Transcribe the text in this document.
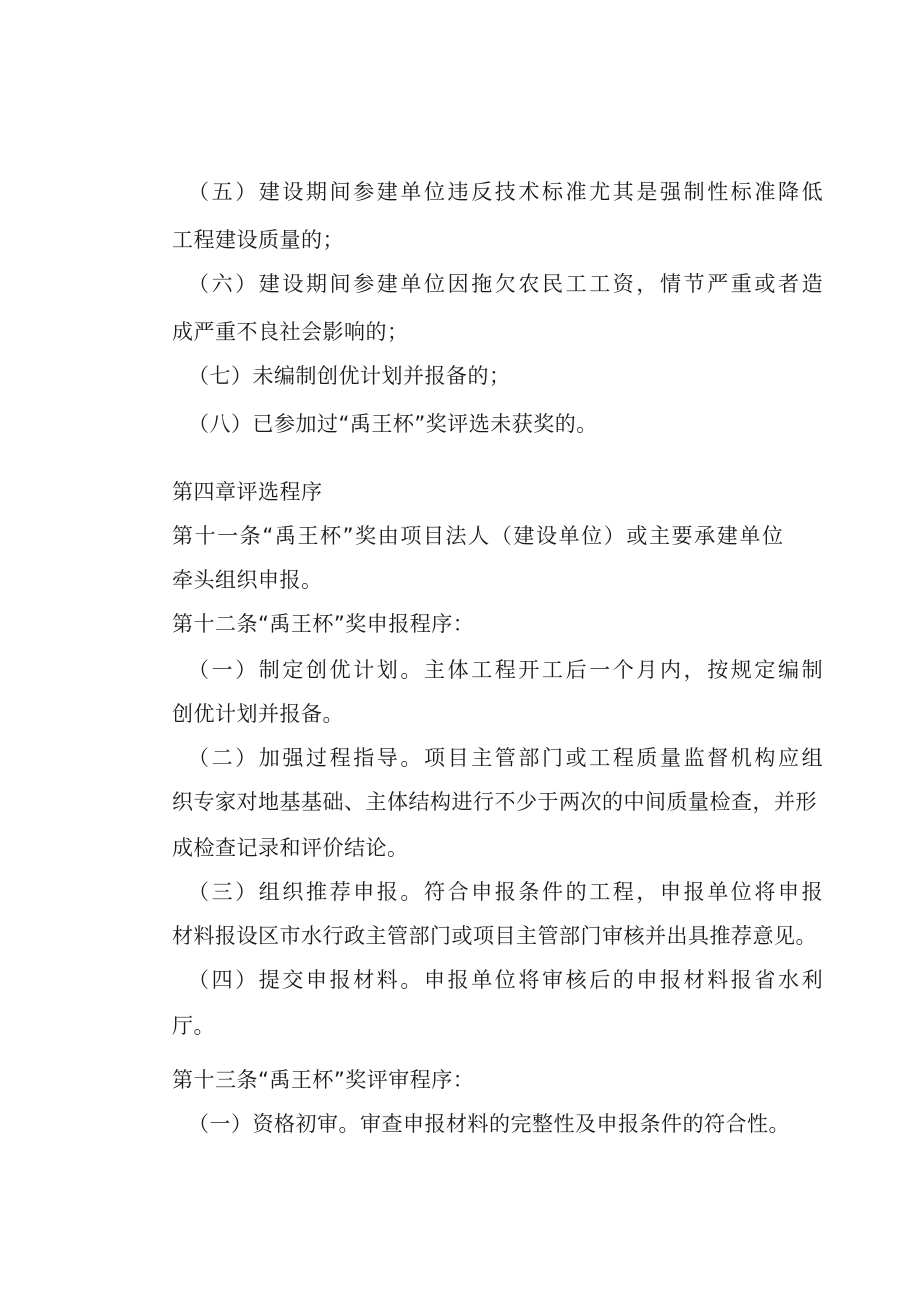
（五）建设期间参建单位违反技术标准尤其是强制性标准降低
工程建设质量的；
（六）建设期间参建单位因拖欠农民工工资，情节严重或者造
成严重不良社会影响的；
（七）未编制创优计划并报备的；
（八）已参加过“禹王杯”奖评选未获奖的。
第四章评选程序
第十一条“禹王杯”奖由项目法人（建设单位）或主要承建单位
牵头组织申报。
第十二条“禹王杯”奖申报程序：
（一）制定创优计划。主体工程开工后一个月内，按规定编制
创优计划并报备。
（二）加强过程指导。项目主管部门或工程质量监督机构应组
织专家对地基基础、主体结构进行不少于两次的中间质量检查，并形
成检查记录和评价结论。
（三）组织推荐申报。符合申报条件的工程，申报单位将申报
材料报设区市水行政主管部门或项目主管部门审核并出具推荐意见。
（四）提交申报材料。申报单位将审核后的申报材料报省水利
厅。
第十三条“禹王杯”奖评审程序：
（一）资格初审。审查申报材料的完整性及申报条件的符合性。
